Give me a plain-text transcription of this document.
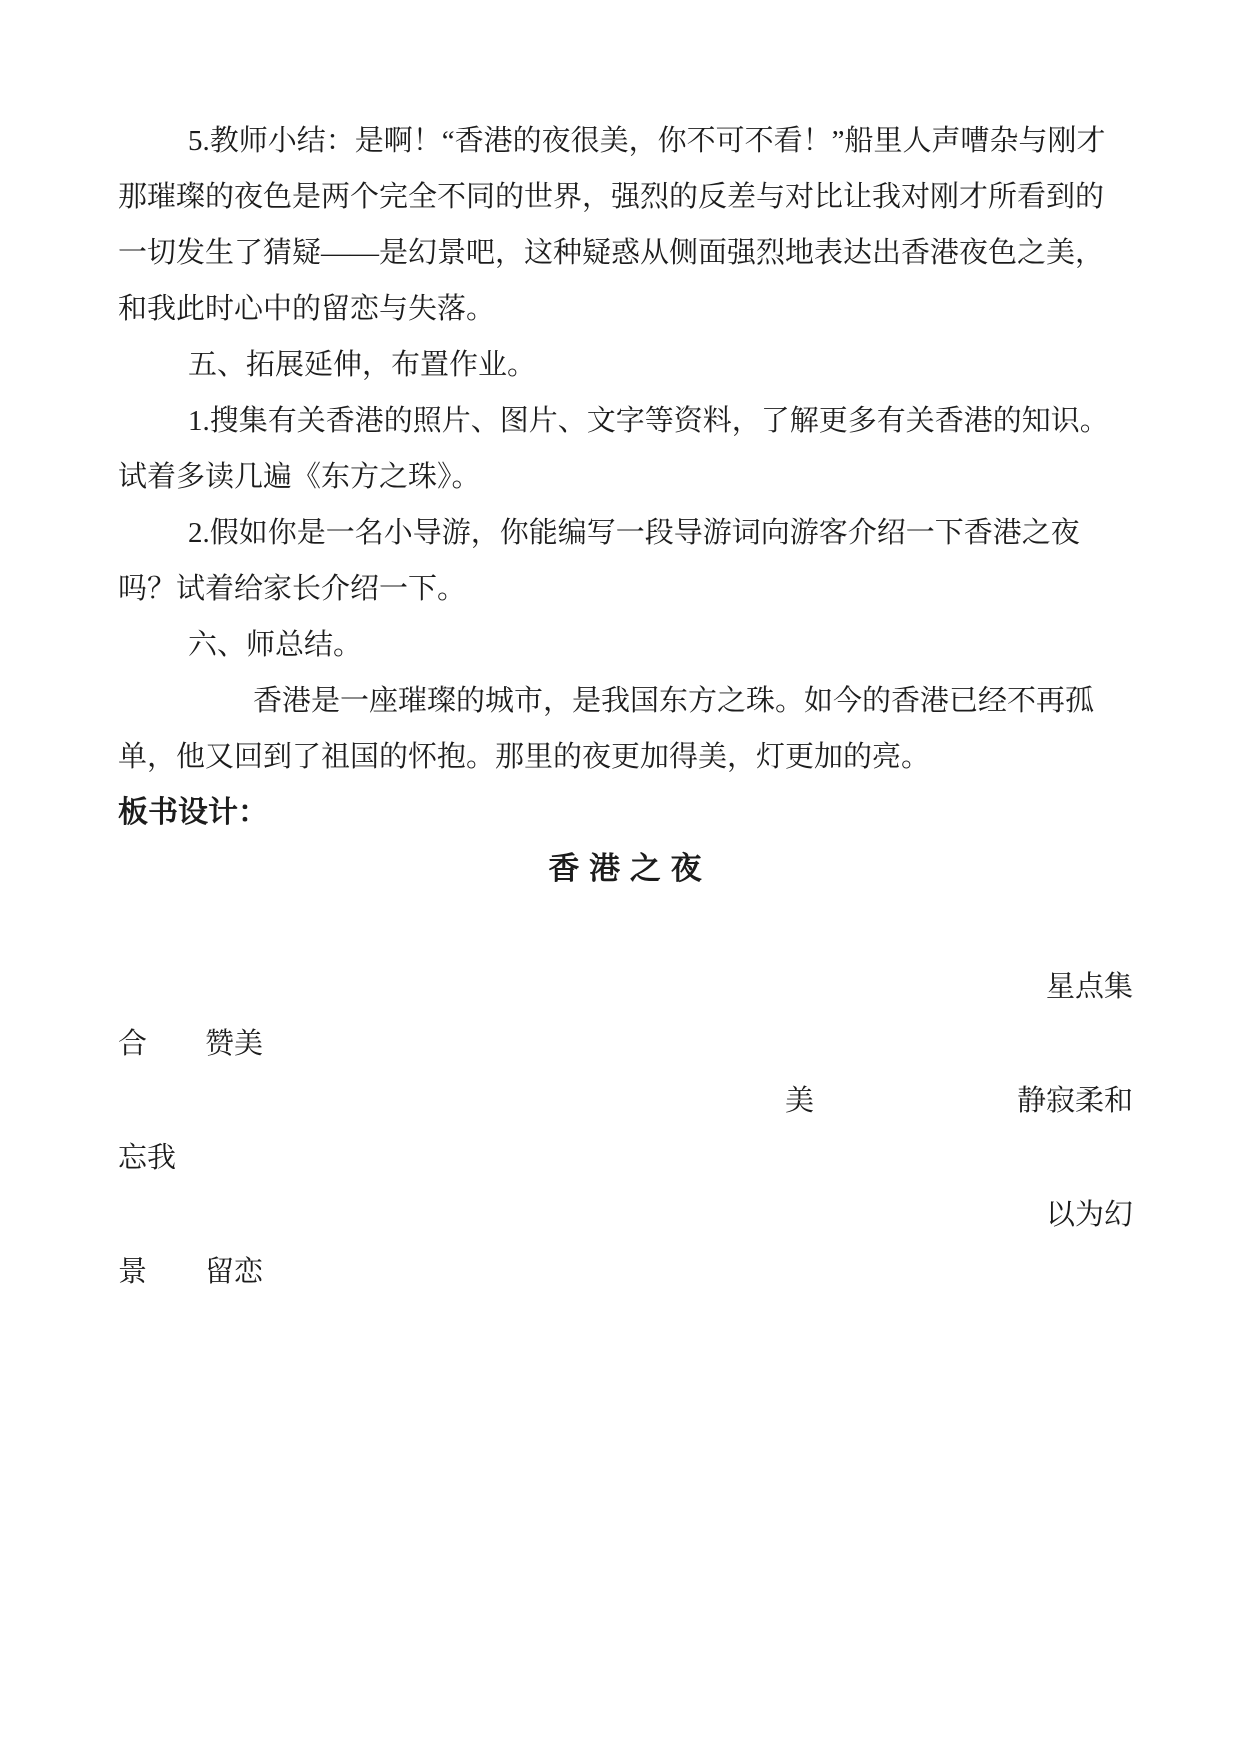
5.教师小结：是啊！“香港的夜很美，你不可不看！”船里人声嘈杂与刚才
那璀璨的夜色是两个完全不同的世界，强烈的反差与对比让我对刚才所看到的
一切发生了猜疑——是幻景吧，这种疑惑从侧面强烈地表达出香港夜色之美，
和我此时心中的留恋与失落。
五、拓展延伸，布置作业。
1.搜集有关香港的照片、图片、文字等资料，了解更多有关香港的知识。
试着多读几遍《东方之珠》。
2.假如你是一名小导游，你能编写一段导游词向游客介绍一下香港之夜
吗？试着给家长介绍一下。
六、师总结。
香港是一座璀璨的城市，是我国东方之珠。如今的香港已经不再孤
单，他又回到了祖国的怀抱。那里的夜更加得美，灯更加的亮。
板书设计：
香 港 之 夜
星点集
合　　赞美
美　　　　　　　静寂柔和
忘我
以为幻
景　　留恋
